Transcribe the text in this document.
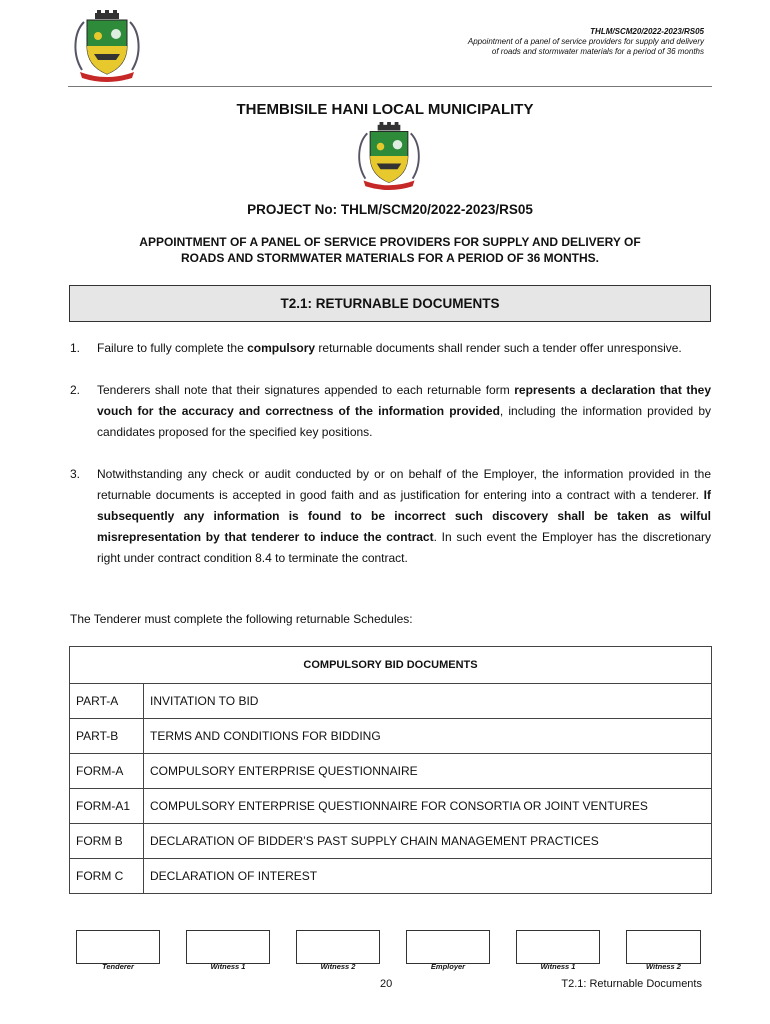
THLM/SCM20/2022-2023/RS05
Appointment of a panel of service providers for supply and delivery
of roads and stormwater materials for a period of 36 months
THEMBISILE HANI LOCAL MUNICIPALITY
PROJECT No: THLM/SCM20/2022-2023/RS05
APPOINTMENT OF A PANEL OF SERVICE PROVIDERS FOR SUPPLY AND DELIVERY OF
ROADS AND STORMWATER MATERIALS FOR A PERIOD OF 36 MONTHS.
T2.1: RETURNABLE DOCUMENTS
1.	Failure to fully complete the compulsory returnable documents shall render such a tender offer unresponsive.
2.	Tenderers shall note that their signatures appended to each returnable form represents a declaration that they vouch for the accuracy and correctness of the information provided, including the information provided by candidates proposed for the specified key positions.
3.	Notwithstanding any check or audit conducted by or on behalf of the Employer, the information provided in the returnable documents is accepted in good faith and as justification for entering into a contract with a tenderer. If subsequently any information is found to be incorrect such discovery shall be taken as wilful misrepresentation by that tenderer to induce the contract. In such event the Employer has the discretionary right under contract condition 8.4 to terminate the contract.
The Tenderer must complete the following returnable Schedules:
COMPULSORY BID DOCUMENTS	
PART-A	INVITATION TO BID
PART-B	TERMS AND CONDITIONS FOR BIDDING
FORM-A	COMPULSORY ENTERPRISE QUESTIONNAIRE
FORM-A1	COMPULSORY ENTERPRISE QUESTIONNAIRE FOR CONSORTIA OR JOINT VENTURES
FORM B	DECLARATION OF BIDDER’S PAST SUPPLY CHAIN MANAGEMENT PRACTICES
FORM C	DECLARATION OF INTEREST
Tenderer	Witness 1	Witness 2	Employer	Witness 1	Witness 2
20	T2.1: Returnable Documents
